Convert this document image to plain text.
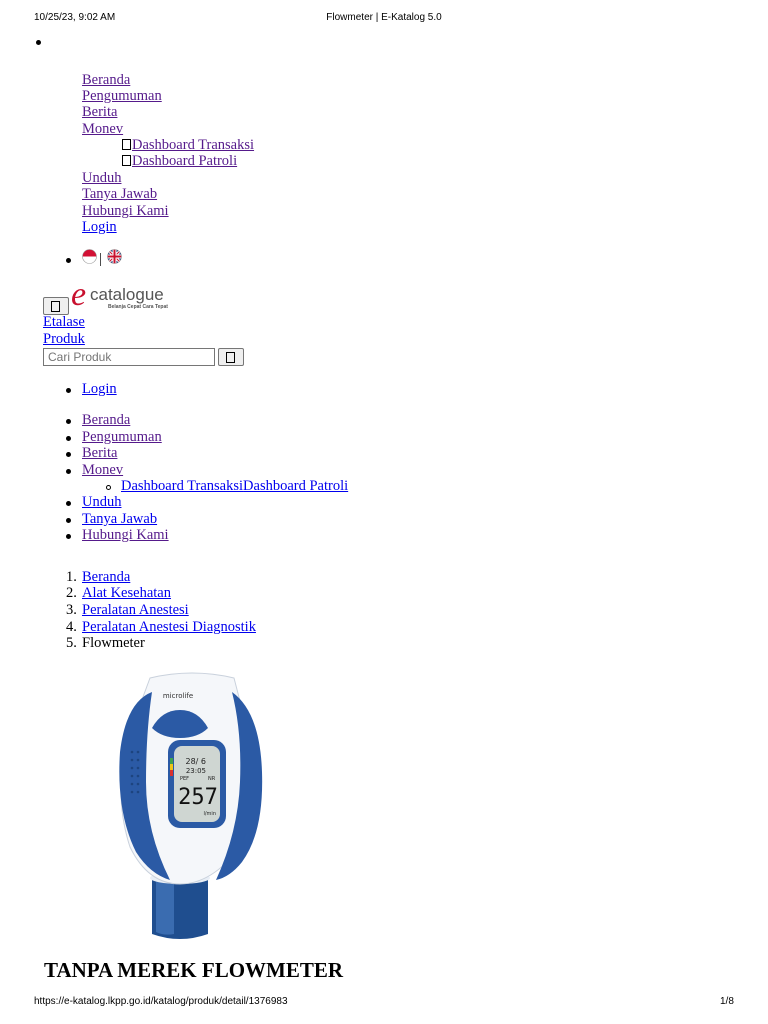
10/25/23, 9:02 AM	Flowmeter | E-Katalog 5.0
Beranda
Pengumuman
Berita
Monev
Dashboard Transaksi
Dashboard Patroli
Unduh
Tanya Jawab
Hubungi Kami
Login
|
e catalogue
Belanja Cepat Cara Tepat
Etalase
Produk
Cari Produk
Login
Beranda
Pengumuman
Berita
Monev
Dashboard TransaksiDashboard Patroli
Unduh
Tanya Jawab
Hubungi Kami
1. Beranda
2. Alat Kesehatan
3. Peralatan Anestesi
4. Peralatan Anestesi Diagnostik
5. Flowmeter
microlife
28/ 6
23:05
PEF	NR
257
l/min
TANPA MEREK FLOWMETER
https://e-katalog.lkpp.go.id/katalog/produk/detail/1376983	1/8
